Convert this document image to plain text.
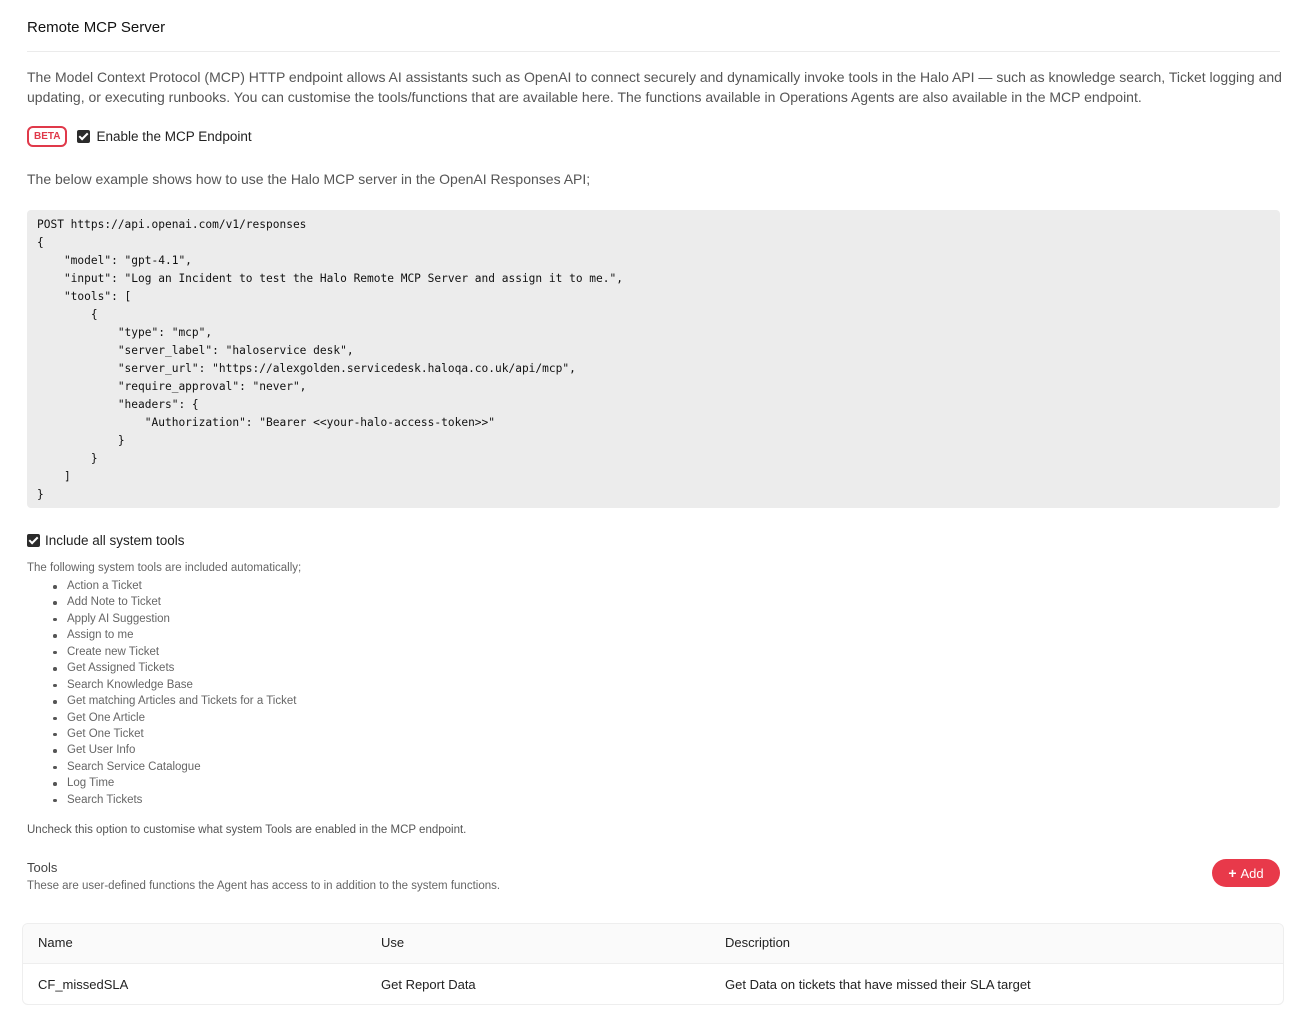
Remote MCP Server
The Model Context Protocol (MCP) HTTP endpoint allows AI assistants such as OpenAI to connect securely and dynamically invoke tools in the Halo API — such as knowledge search, Ticket logging and updating, or executing runbooks. You can customise the tools/functions that are available here. The functions available in Operations Agents are also available in the MCP endpoint.
BETA	Enable the MCP Endpoint
The below example shows how to use the Halo MCP server in the OpenAI Responses API;
POST https://api.openai.com/v1/responses
{
"model": "gpt-4.1",
"input": "Log an Incident to test the Halo Remote MCP Server and assign it to me.",
"tools": [
{
"type": "mcp",
"server_label": "haloservice desk",
"server_url": "https://alexgolden.servicedesk.haloqa.co.uk/api/mcp",
"require_approval": "never",
"headers": {
"Authorization": "Bearer <<your-halo-access-token>>"
}
}
]
}
Include all system tools
The following system tools are included automatically;
Action a Ticket
Add Note to Ticket
Apply AI Suggestion
Assign to me
Create new Ticket
Get Assigned Tickets
Search Knowledge Base
Get matching Articles and Tickets for a Ticket
Get One Article
Get One Ticket
Get User Info
Search Service Catalogue
Log Time
Search Tickets
Uncheck this option to customise what system Tools are enabled in the MCP endpoint.
Tools
These are user-defined functions the Agent has access to in addition to the system functions.
+ Add
Name	Use	Description
CF_missedSLA	Get Report Data	Get Data on tickets that have missed their SLA target
